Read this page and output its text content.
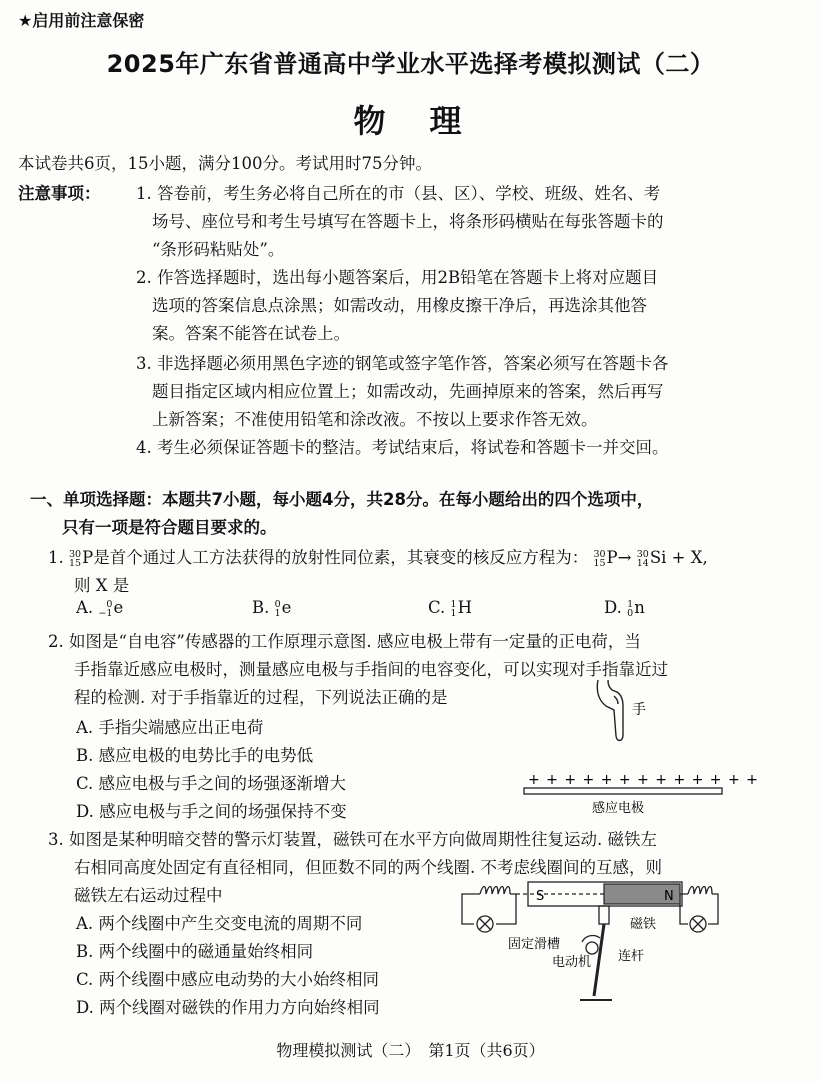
★启用前注意保密
2025年广东省普通高中学业水平选择考模拟测试（二）
物　理
本试卷共6页，15小题，满分100分。考试用时75分钟。
注意事项： 1. 答卷前，考生务必将自己所在的市（县、区）、学校、班级、姓名、考
场号、座位号和考生号填写在答题卡上，将条形码横贴在每张答题卡的
“条形码粘贴处”。
2. 作答选择题时，选出每小题答案后，用2B铅笔在答题卡上将对应题目
选项的答案信息点涂黑；如需改动，用橡皮擦干净后，再选涂其他答
案。答案不能答在试卷上。
3. 非选择题必须用黑色字迹的钢笔或签字笔作答，答案必须写在答题卡各
题目指定区域内相应位置上；如需改动，先画掉原来的答案，然后再写
上新答案；不准使用铅笔和涂改液。不按以上要求作答无效。
4. 考生必须保证答题卡的整洁。考试结束后，将试卷和答题卡一并交回。
一、单项选择题：本题共7小题，每小题4分，共28分。在每小题给出的四个选项中，
只有一项是符合题目要求的。
1. 30
15 P是首个通过人工方法获得的放射性同位素，其衰变的核反应方程为： 30
15 P→ 30
14 Si + X,
则 X 是
A.	0
−1 e	B. 0
1 e	C. 1
1 H	D. 1
0 n
2. 如图是“自电容”传感器的工作原理示意图. 感应电极上带有一定量的正电荷，当
手指靠近感应电极时，测量感应电极与手指间的电容变化，可以实现对手指靠近过
程的检测. 对于手指靠近的过程，下列说法正确的是
A. 手指尖端感应出正电荷
B. 感应电极的电势比手的电势低
C. 感应电极与手之间的场强逐渐增大
D. 感应电极与手之间的场强保持不变
手
+ + + + + + + + + + + + +
感应电极
3. 如图是某种明暗交替的警示灯装置，磁铁可在水平方向做周期性往复运动. 磁铁左
右相同高度处固定有直径相同，但匝数不同的两个线圈. 不考虑线圈间的互感，则
磁铁左右运动过程中
A. 两个线圈中产生交变电流的周期不同
B. 两个线圈中的磁通量始终相同
C. 两个线圈中感应电动势的大小始终相同
D. 两个线圈对磁铁的作用力方向始终相同
S	N
固定滑槽
磁铁
电动机 连杆
物理模拟测试（二）　第1页（共6页）
